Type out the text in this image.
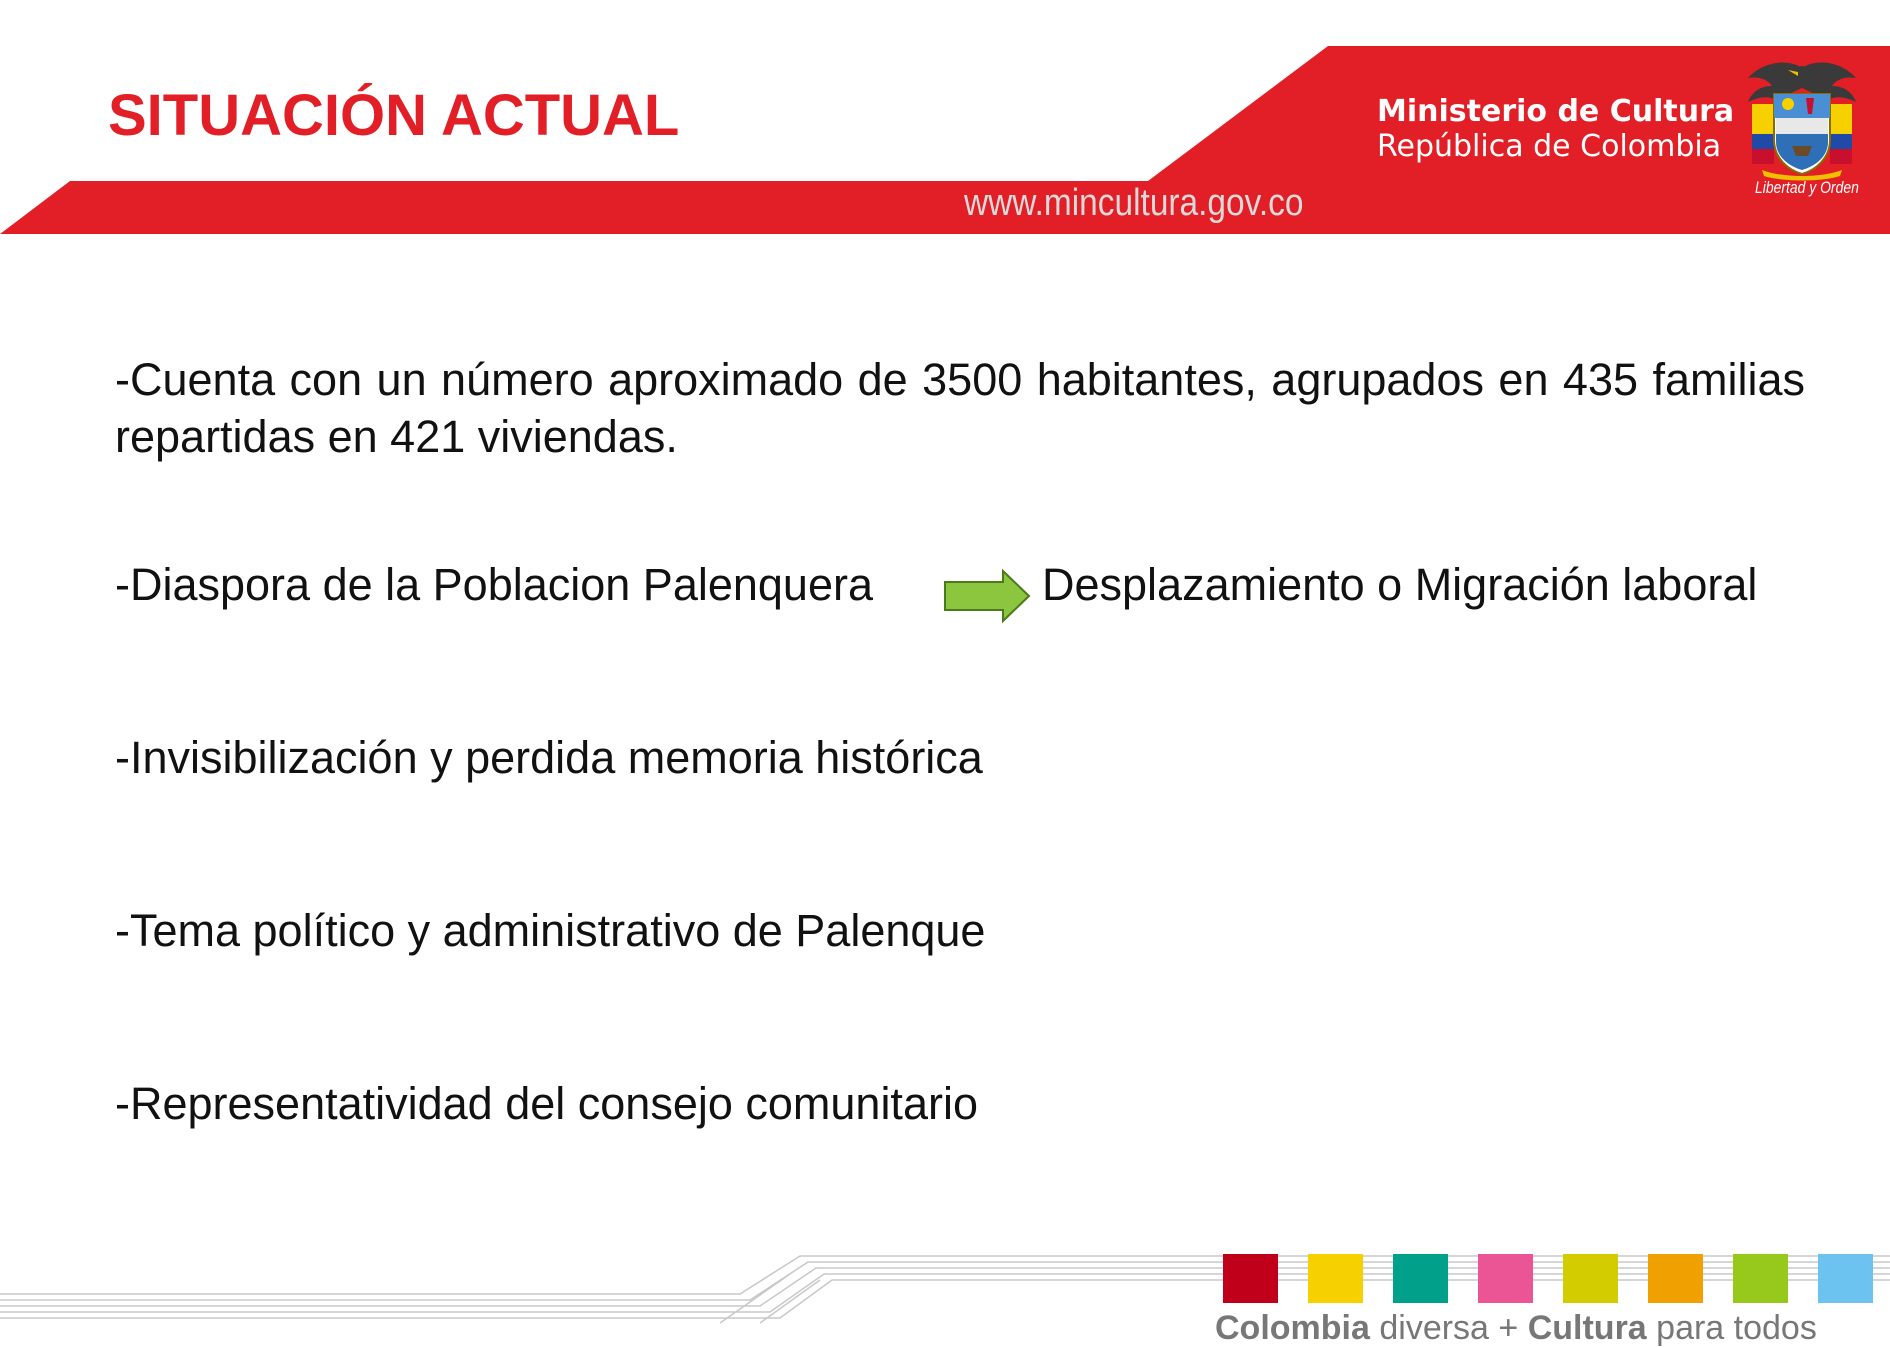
SITUACIÓN ACTUAL
www.mincultura.gov.co
Ministerio de Cultura
República de Colombia
Libertad y Orden
-Cuenta con un número aproximado de 3500 habitantes, agrupados en 435 familias repartidas en 421 viviendas.
-Diaspora de la Poblacion Palenquera	Desplazamiento o Migración laboral
-Invisibilización y perdida memoria histórica
-Tema político y administrativo de Palenque
-Representatividad del consejo comunitario
Colombia diversa + Cultura para todos
